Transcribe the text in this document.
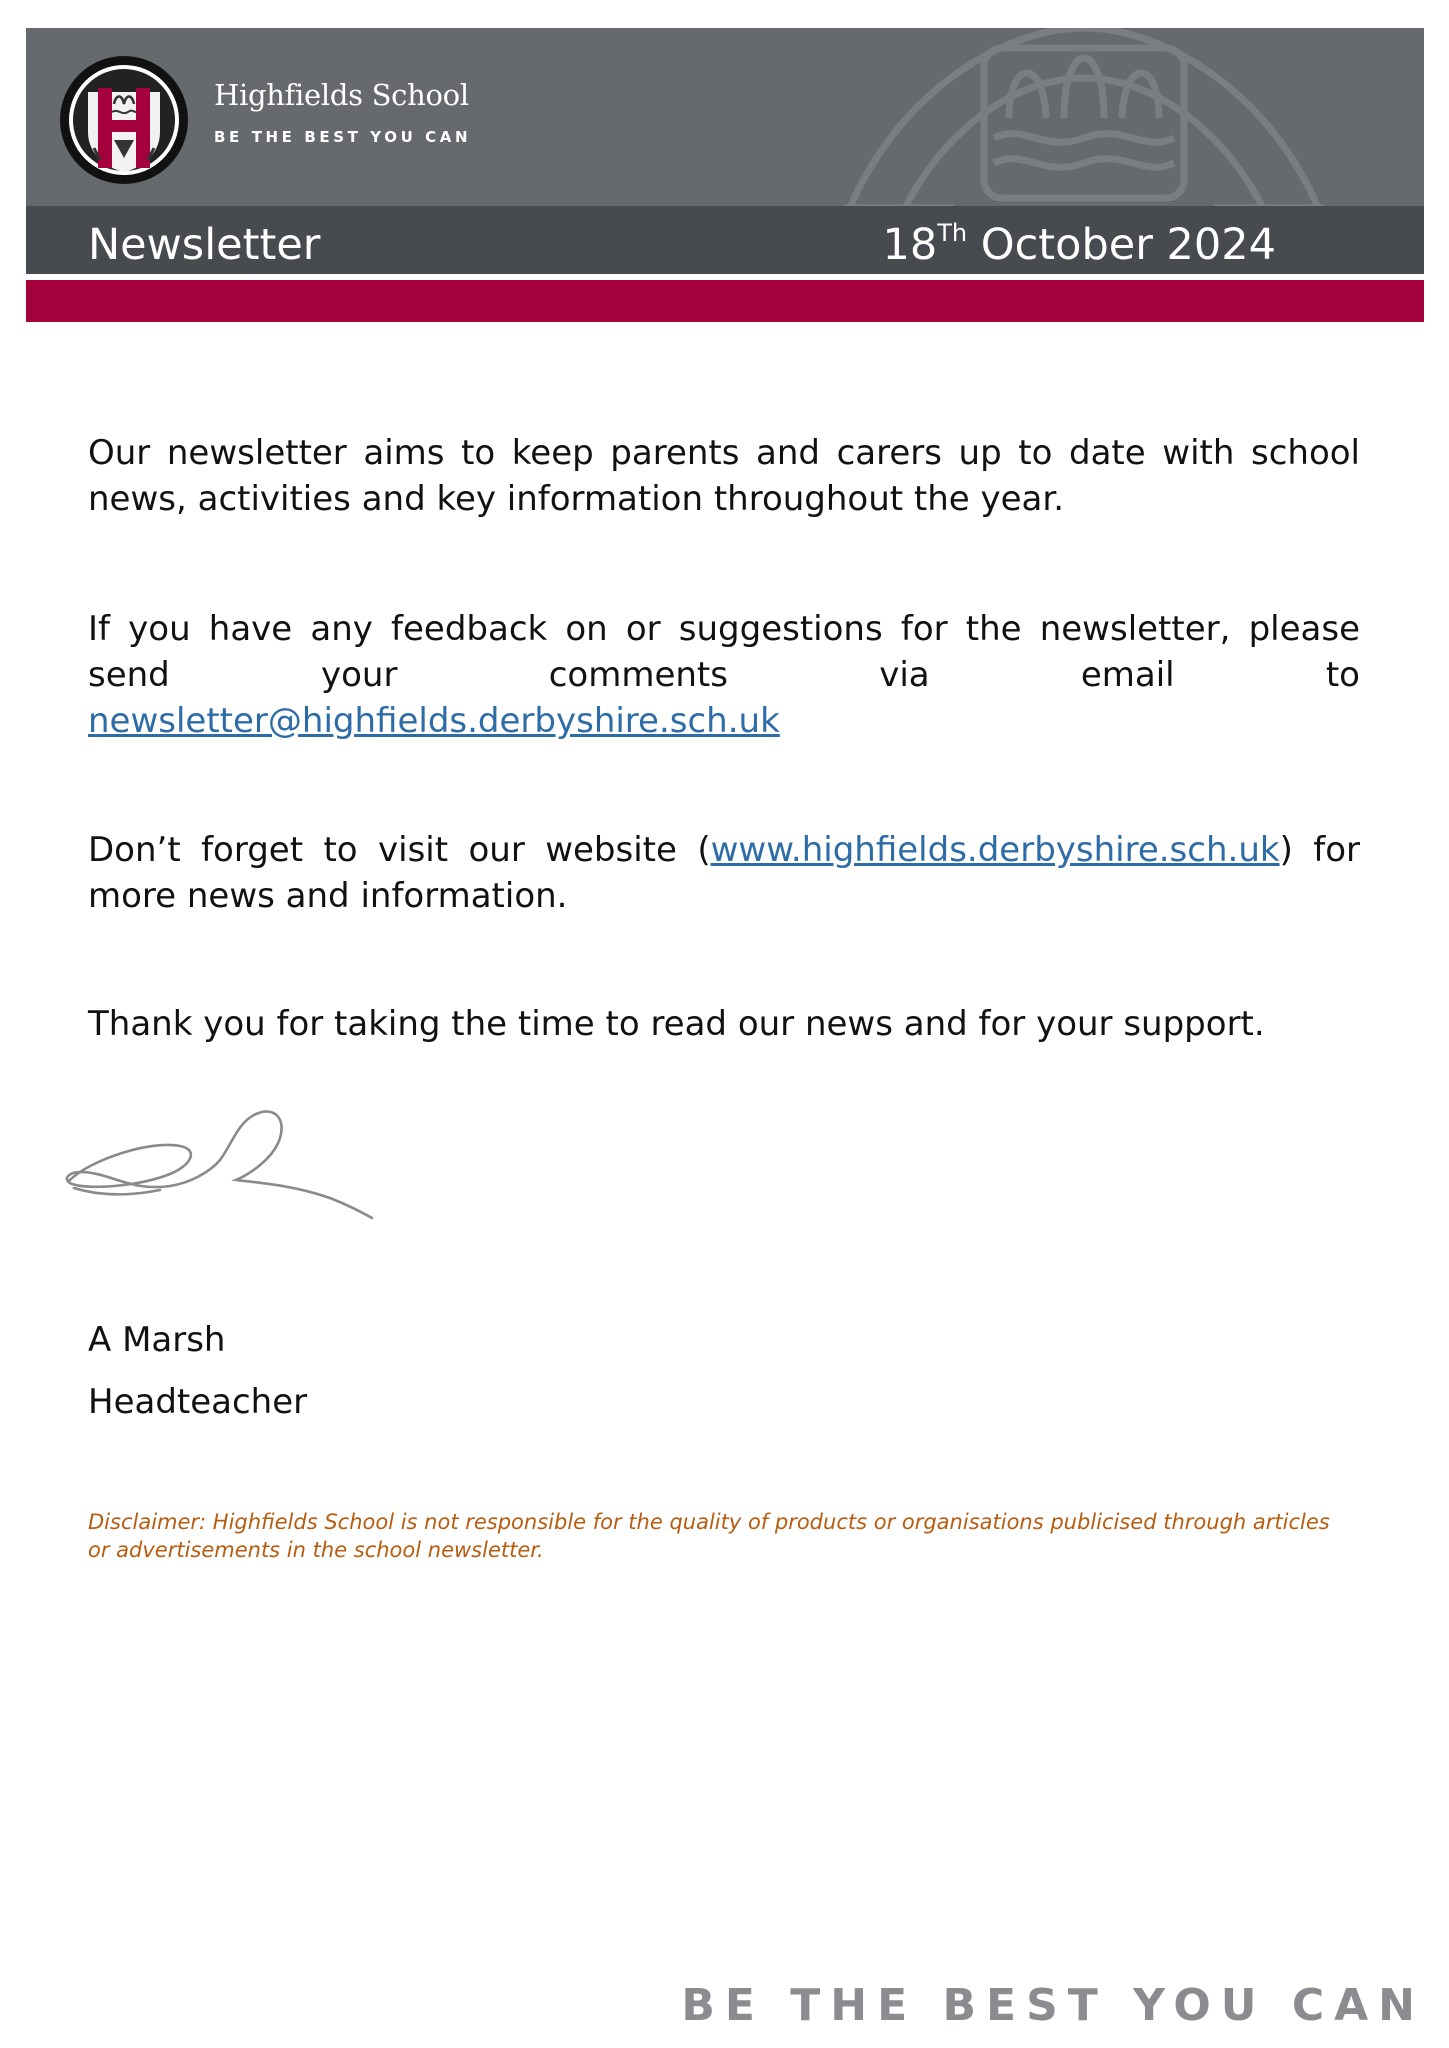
Highfields School
BE THE BEST YOU CAN
Newsletter	18Th October 2024

Our newsletter aims to keep parents and carers up to date with school news, activities and key information throughout the year.

If you have any feedback on or suggestions for the newsletter, please send your comments via email to newsletter@highfields.derbyshire.sch.uk

Don’t forget to visit our website (www.highfields.derbyshire.sch.uk) for more news and information.

Thank you for taking the time to read our news and for your support.

A Marsh
Headteacher

Disclaimer: Highfields School is not responsible for the quality of products or organisations publicised through articles or advertisements in the school newsletter.

BE THE BEST YOU CAN
